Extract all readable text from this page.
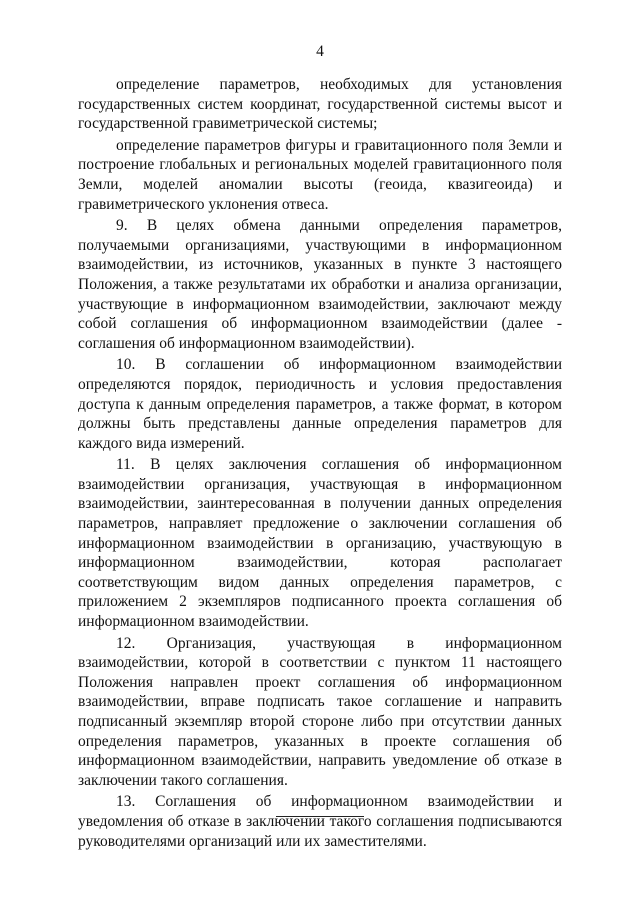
4

определение параметров, необходимых для установления государственных систем координат, государственной системы высот и государственной гравиметрической системы;

определение параметров фигуры и гравитационного поля Земли и построение глобальных и региональных моделей гравитационного поля Земли, моделей аномалии высоты (геоида, квазигеоида) и гравиметрического уклонения отвеса.

9. В целях обмена данными определения параметров, получаемыми организациями, участвующими в информационном взаимодействии, из источников, указанных в пункте 3 настоящего Положения, а также результатами их обработки и анализа организации, участвующие в информационном взаимодействии, заключают между собой соглашения об информационном взаимодействии (далее - соглашения об информационном взаимодействии).

10. В соглашении об информационном взаимодействии определяются порядок, периодичность и условия предоставления доступа к данным определения параметров, а также формат, в котором должны быть представлены данные определения параметров для каждого вида измерений.

11. В целях заключения соглашения об информационном взаимодействии организация, участвующая в информационном взаимодействии, заинтересованная в получении данных определения параметров, направляет предложение о заключении соглашения об информационном взаимодействии в организацию, участвующую в информационном взаимодействии, которая располагает соответствующим видом данных определения параметров, с приложением 2 экземпляров подписанного проекта соглашения об информационном взаимодействии.

12. Организация, участвующая в информационном взаимодействии, которой в соответствии с пунктом 11 настоящего Положения направлен проект соглашения об информационном взаимодействии, вправе подписать такое соглашение и направить подписанный экземпляр второй стороне либо при отсутствии данных определения параметров, указанных в проекте соглашения об информационном взаимодействии, направить уведомление об отказе в заключении такого соглашения.

13. Соглашения об информационном взаимодействии и уведомления об отказе в заключении такого соглашения подписываются руководителями организаций или их заместителями.
